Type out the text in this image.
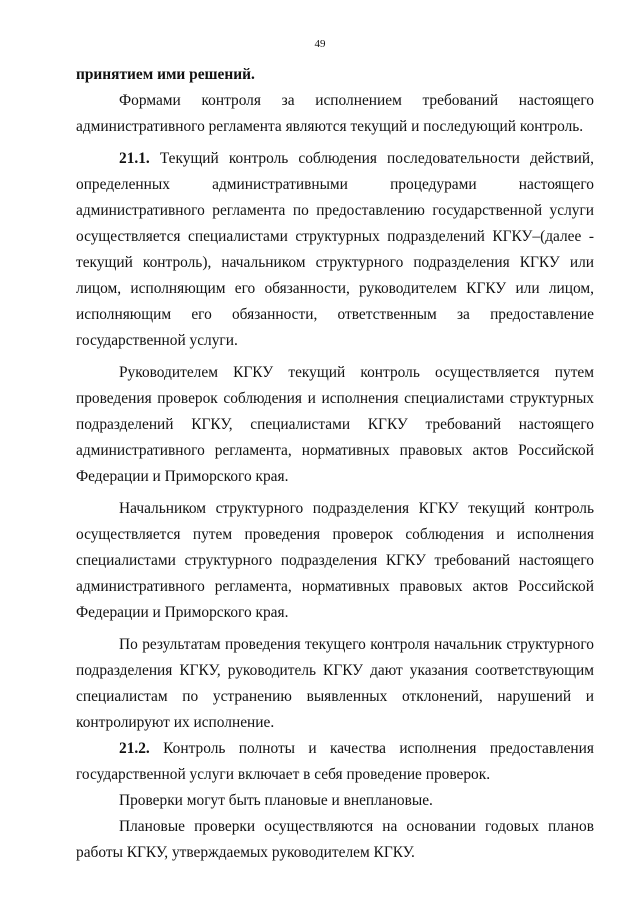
49

принятием ими решений.

Формами контроля за исполнением требований настоящего административного регламента являются текущий и последующий контроль.

21.1. Текущий контроль соблюдения последовательности действий, определенных административными процедурами настоящего административного регламента по предоставлению государственной услуги осуществляется специалистами структурных подразделений КГКУ–(далее - текущий контроль), начальником структурного подразделения КГКУ или лицом, исполняющим его обязанности, руководителем КГКУ или лицом, исполняющим его обязанности, ответственным за предоставление государственной услуги.

Руководителем КГКУ текущий контроль осуществляется путем проведения проверок соблюдения и исполнения специалистами структурных подразделений КГКУ, специалистами КГКУ требований настоящего административного регламента, нормативных правовых актов Российской Федерации и Приморского края.

Начальником структурного подразделения КГКУ текущий контроль осуществляется путем проведения проверок соблюдения и исполнения специалистами структурного подразделения КГКУ требований настоящего административного регламента, нормативных правовых актов Российской Федерации и Приморского края.

По результатам проведения текущего контроля начальник структурного подразделения КГКУ, руководитель КГКУ дают указания соответствующим специалистам по устранению выявленных отклонений, нарушений и контролируют их исполнение.

21.2. Контроль полноты и качества исполнения предоставления государственной услуги включает в себя проведение проверок.

Проверки могут быть плановые и внеплановые.

Плановые проверки осуществляются на основании годовых планов работы КГКУ, утверждаемых руководителем КГКУ.
